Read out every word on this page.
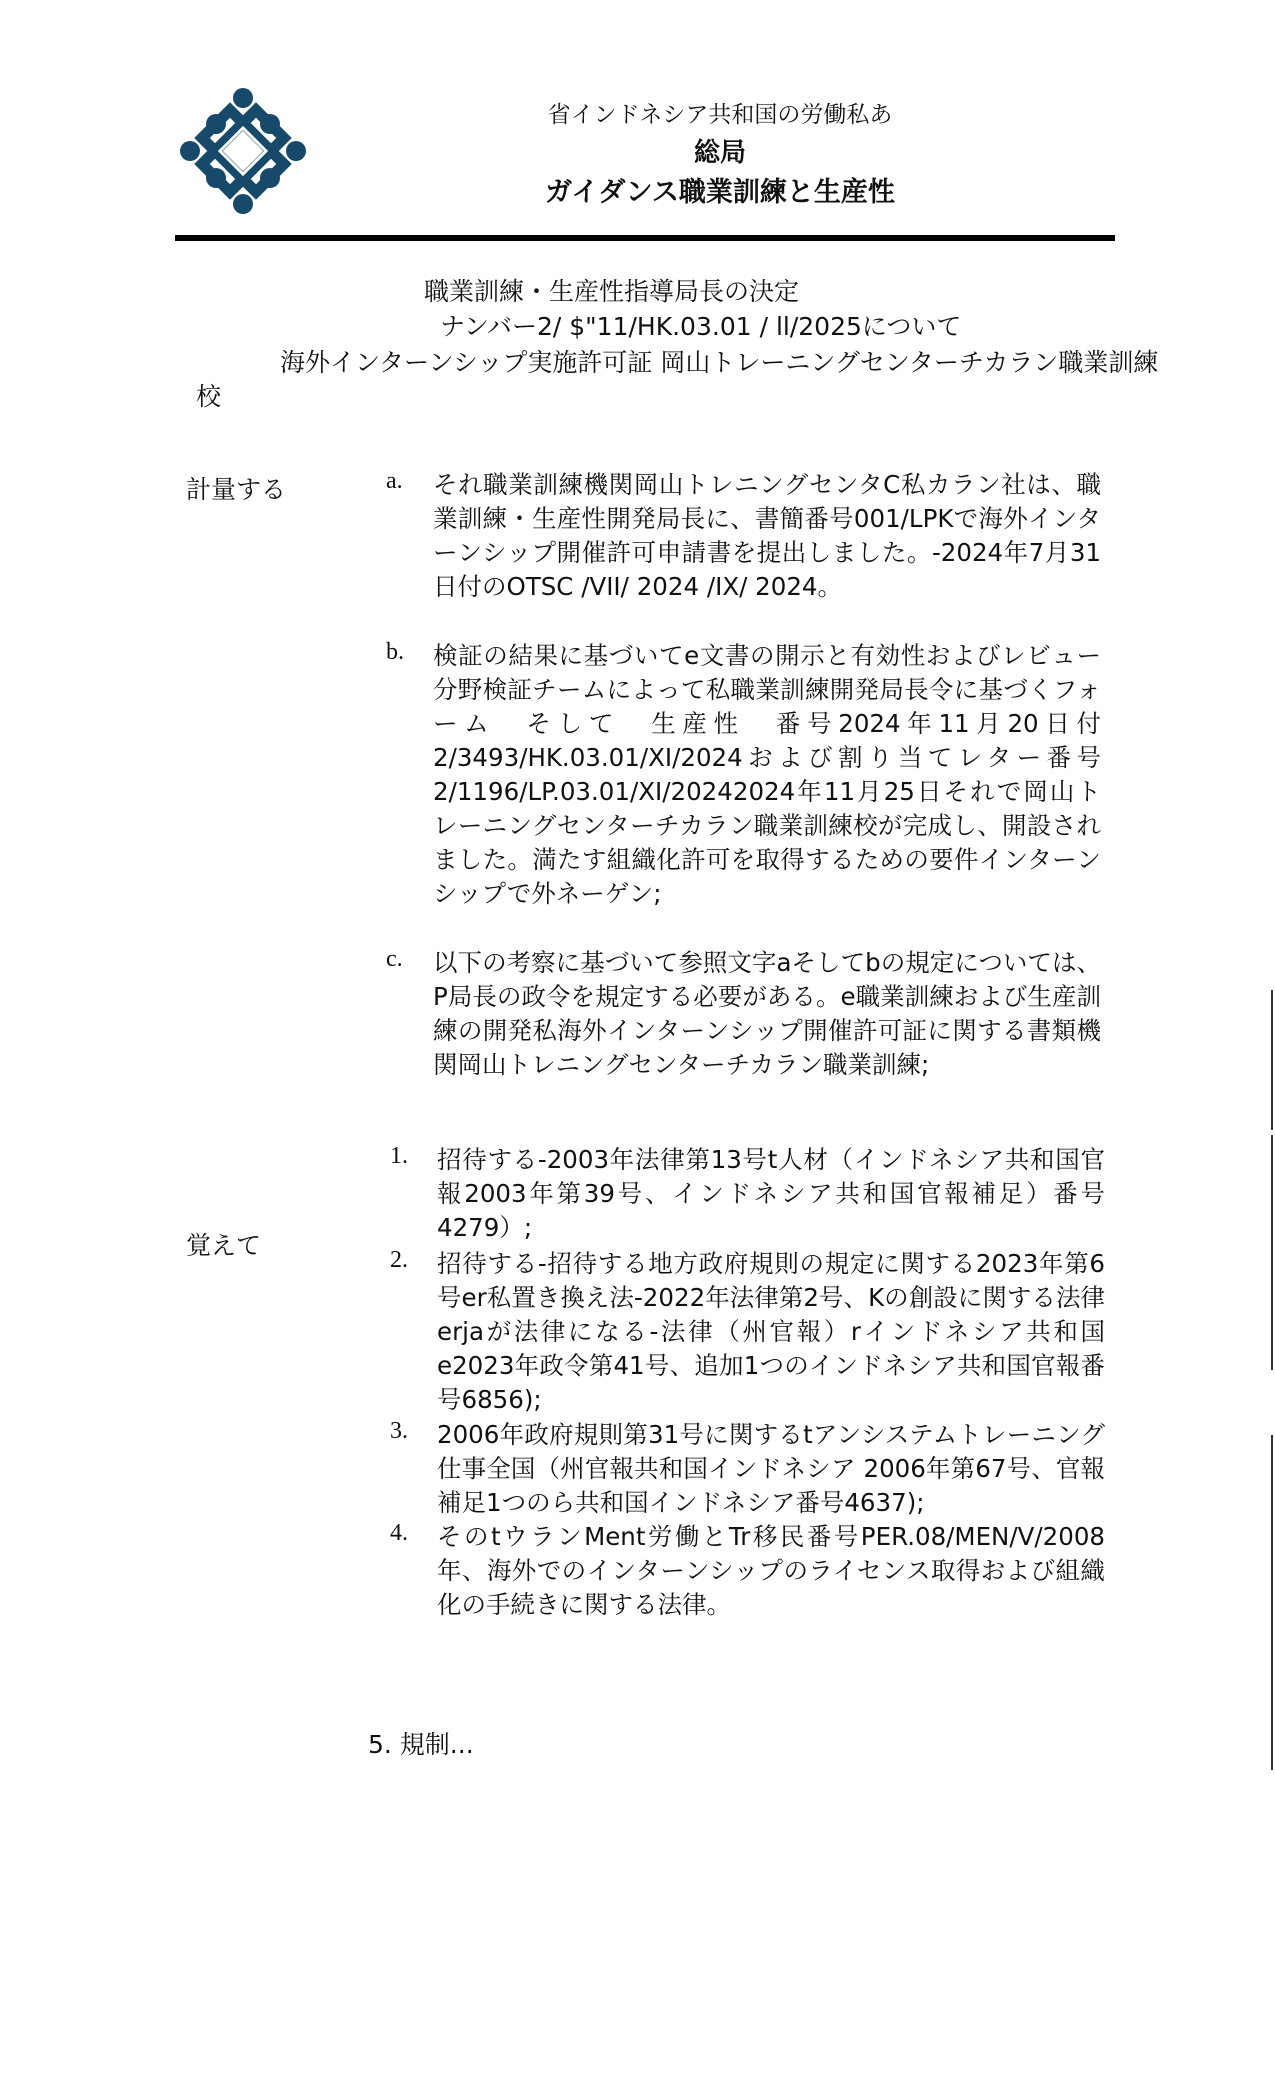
省インドネシア共和国の労働私あ
総局
ガイダンス職業訓練と生産性
職業訓練・生産性指導局長の決定
ナンバー2/ $"11/HK.03.01 / ll/2025について
海外インターンシップ実施許可証 岡山トレーニングセンターチカラン職業訓練
校
計量する	a. それ職業訓練機関岡山トレニングセンタC私カラン社は、職業訓練・生産性開発局長に、書簡番号001/LPKで海外インターンシップ開催許可申請書を提出しました。-2024年7月31日付のOTSC /VII/ 2024 /IX/ 2024。
b. 検証の結果に基づいてe文書の開示と有効性およびレビュー分野検証チームによって私職業訓練開発局長令に基づくフォーム　そして　生産性　番号2024年11月20日付2/3493/HK.03.01/XI/2024および割り当てレター番号2/1196/LP.03.01/XI/20242024年11月25日それで岡山トレーニングセンターチカラン職業訓練校が完成し、開設されました。満たす組織化許可を取得するための要件インターンシップで外ネーゲン;
c. 以下の考察に基づいて参照文字aそしてbの規定については、P局長の政令を規定する必要がある。e職業訓練および生産訓練の開発私海外インターンシップ開催許可証に関する書類機関岡山トレニングセンターチカラン職業訓練;
覚えて
1. 招待する-2003年法律第13号t人材（インドネシア共和国官報2003年第39号、インドネシア共和国官報補足）番号4279）;
2. 招待する-招待する地方政府規則の規定に関する2023年第6号er私置き換え法-2022年法律第2号、Kの創設に関する法律erjaが法律になる-法律（州官報）rインドネシア共和国e2023年政令第41号、追加1つのインドネシア共和国官報番号6856);
3. 2006年政府規則第31号に関するtアンシステムトレーニング仕事全国（州官報共和国インドネシア 2006年第67号、官報補足1つのら共和国インドネシア番号4637);
4. そのtウランMent労働とTr移民番号PER.08/MEN/V/2008年、海外でのインターンシップのライセンス取得および組織化の手続きに関する法律。
5. 規制...
